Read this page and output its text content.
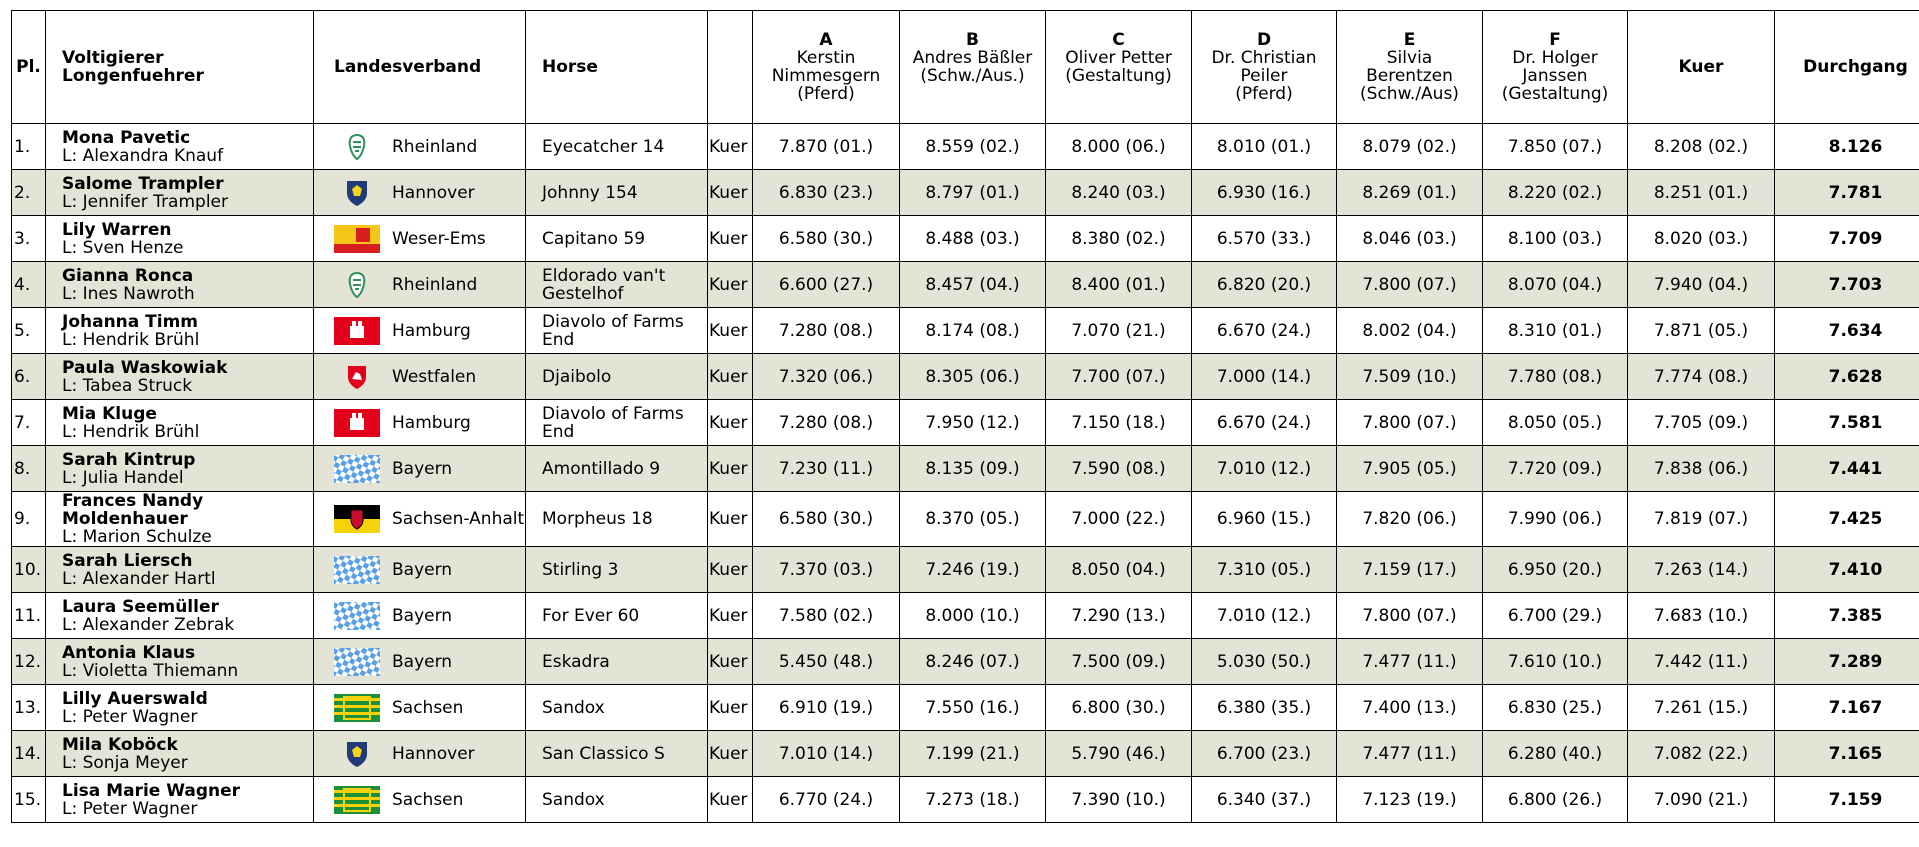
Pl.	Voltigierer
Longenfuehrer	Landesverband	Horse		A
Kerstin
Nimmesgern
(Pferd)	B
Andres Bäßler
(Schw./Aus.)	C
Oliver Petter
(Gestaltung)	D
Dr. Christian
Peiler
(Pferd)	E
Silvia
Berentzen
(Schw./Aus)	F
Dr. Holger
Janssen
(Gestaltung)	Kuer	Durchgang
1.	Mona Pavetic
L: Alexandra Knauf	Rheinland	Eyecatcher 14	Kuer	7.870 (01.)	8.559 (02.)	8.000 (06.)	8.010 (01.)	8.079 (02.)	7.850 (07.)	8.208 (02.)	8.126
2.	Salome Trampler
L: Jennifer Trampler	Hannover	Johnny 154	Kuer	6.830 (23.)	8.797 (01.)	8.240 (03.)	6.930 (16.)	8.269 (01.)	8.220 (02.)	8.251 (01.)	7.781
3.	Lily Warren
L: Sven Henze	Weser-Ems	Capitano 59	Kuer	6.580 (30.)	8.488 (03.)	8.380 (02.)	6.570 (33.)	8.046 (03.)	8.100 (03.)	8.020 (03.)	7.709
4.	Gianna Ronca
L: Ines Nawroth	Rheinland	Eldorado van't Gestelhof	Kuer	6.600 (27.)	8.457 (04.)	8.400 (01.)	6.820 (20.)	7.800 (07.)	8.070 (04.)	7.940 (04.)	7.703
5.	Johanna Timm
L: Hendrik Brühl	Hamburg	Diavolo of Farms End	Kuer	7.280 (08.)	8.174 (08.)	7.070 (21.)	6.670 (24.)	8.002 (04.)	8.310 (01.)	7.871 (05.)	7.634
6.	Paula Waskowiak
L: Tabea Struck	Westfalen	Djaibolo	Kuer	7.320 (06.)	8.305 (06.)	7.700 (07.)	7.000 (14.)	7.509 (10.)	7.780 (08.)	7.774 (08.)	7.628
7.	Mia Kluge
L: Hendrik Brühl	Hamburg	Diavolo of Farms End	Kuer	7.280 (08.)	7.950 (12.)	7.150 (18.)	6.670 (24.)	7.800 (07.)	8.050 (05.)	7.705 (09.)	7.581
8.	Sarah Kintrup
L: Julia Handel	Bayern	Amontillado 9	Kuer	7.230 (11.)	8.135 (09.)	7.590 (08.)	7.010 (12.)	7.905 (05.)	7.720 (09.)	7.838 (06.)	7.441
9.	Frances Nandy Moldenhauer
L: Marion Schulze	Sachsen-Anhalt	Morpheus 18	Kuer	6.580 (30.)	8.370 (05.)	7.000 (22.)	6.960 (15.)	7.820 (06.)	7.990 (06.)	7.819 (07.)	7.425
10.	Sarah Liersch
L: Alexander Hartl	Bayern	Stirling 3	Kuer	7.370 (03.)	7.246 (19.)	8.050 (04.)	7.310 (05.)	7.159 (17.)	6.950 (20.)	7.263 (14.)	7.410
11.	Laura Seemüller
L: Alexander Zebrak	Bayern	For Ever 60	Kuer	7.580 (02.)	8.000 (10.)	7.290 (13.)	7.010 (12.)	7.800 (07.)	6.700 (29.)	7.683 (10.)	7.385
12.	Antonia Klaus
L: Violetta Thiemann	Bayern	Eskadra	Kuer	5.450 (48.)	8.246 (07.)	7.500 (09.)	5.030 (50.)	7.477 (11.)	7.610 (10.)	7.442 (11.)	7.289
13.	Lilly Auerswald
L: Peter Wagner	Sachsen	Sandox	Kuer	6.910 (19.)	7.550 (16.)	6.800 (30.)	6.380 (35.)	7.400 (13.)	6.830 (25.)	7.261 (15.)	7.167
14.	Mila Koböck
L: Sonja Meyer	Hannover	San Classico S	Kuer	7.010 (14.)	7.199 (21.)	5.790 (46.)	6.700 (23.)	7.477 (11.)	6.280 (40.)	7.082 (22.)	7.165
15.	Lisa Marie Wagner
L: Peter Wagner	Sachsen	Sandox	Kuer	6.770 (24.)	7.273 (18.)	7.390 (10.)	6.340 (37.)	7.123 (19.)	6.800 (26.)	7.090 (21.)	7.159
